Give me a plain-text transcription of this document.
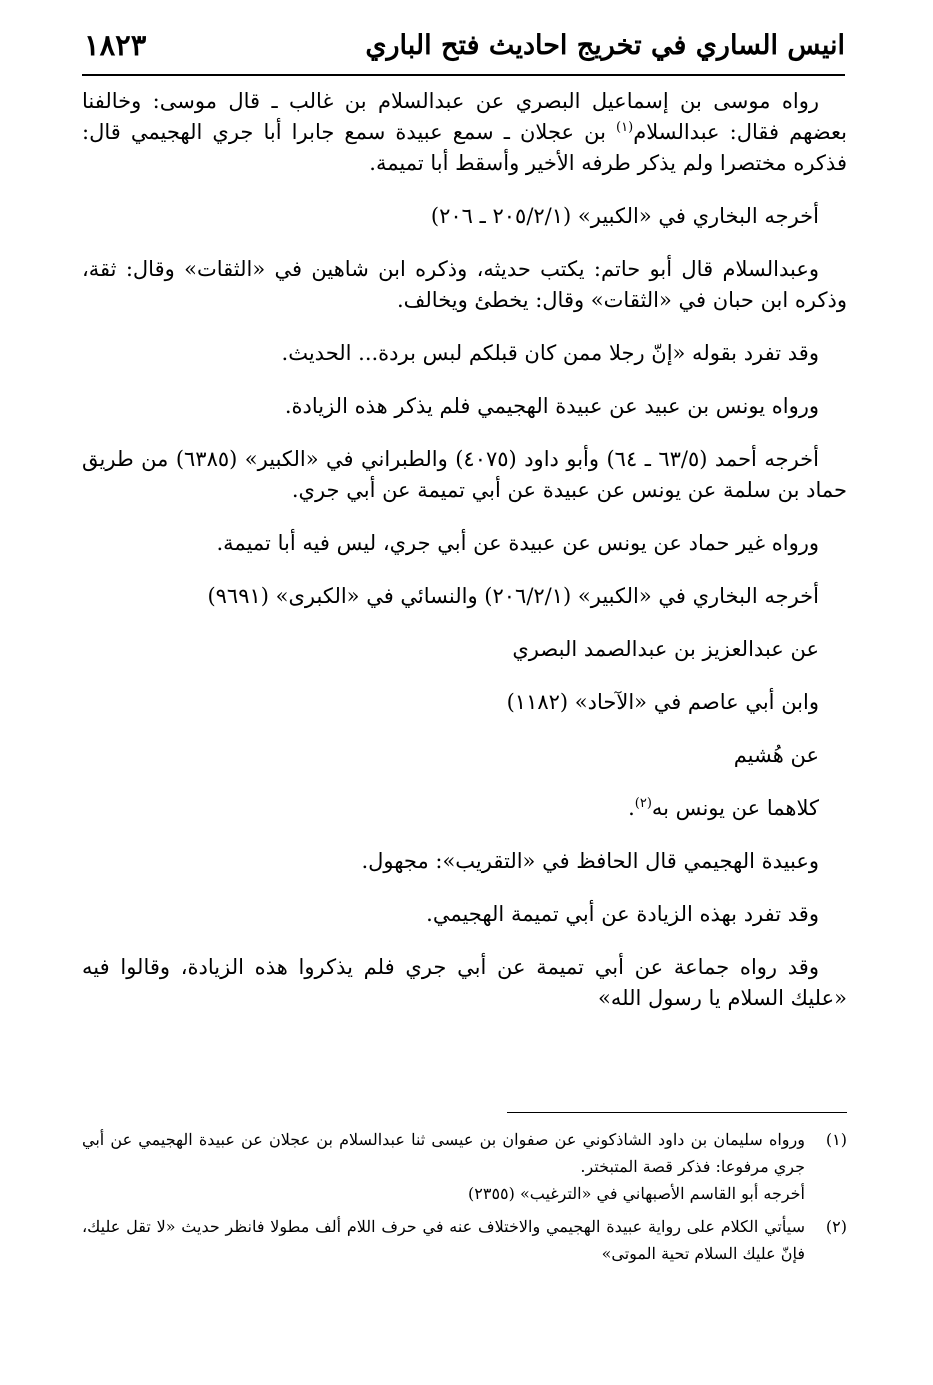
انيس الساري في تخريج احاديث فتح الباري
١٨٢٣

رواه موسى بن إسماعيل البصري عن عبدالسلام بن غالب ـ قال موسى: وخالفنا بعضهم فقال: عبدالسلام$^{(١)}$ بن عجلان ـ سمع عبيدة سمع جابرا أبا جري الهجيمي قال: فذكره مختصرا ولم يذكر طرفه الأخير وأسقط أبا تميمة.

أخرجه البخاري في «الكبير» (٢٠٥/٢/١ ـ ٢٠٦)

وعبدالسلام قال أبو حاتم: يكتب حديثه، وذكره ابن شاهين في «الثقات» وقال: ثقة، وذكره ابن حبان في «الثقات» وقال: يخطئ ويخالف.

وقد تفرد بقوله «إنّ رجلا ممن كان قبلكم لبس بردة... الحديث.

ورواه يونس بن عبيد عن عبيدة الهجيمي فلم يذكر هذه الزيادة.

أخرجه أحمد (٦٣/٥ ـ ٦٤) وأبو داود (٤٠٧٥) والطبراني في «الكبير» (٦٣٨٥) من طريق حماد بن سلمة عن يونس عن عبيدة عن أبي تميمة عن أبي جري.

ورواه غير حماد عن يونس عن عبيدة عن أبي جري، ليس فيه أبا تميمة.

أخرجه البخاري في «الكبير» (٢٠٦/٢/١) والنسائي في «الكبرى» (٩٦٩١)

عن عبدالعزيز بن عبدالصمد البصري

وابن أبي عاصم في «الآحاد» (١١٨٢)

عن هُشيم

كلاهما عن يونس به$^{(٢)}$.

وعبيدة الهجيمي قال الحافظ في «التقريب»: مجهول.

وقد تفرد بهذه الزيادة عن أبي تميمة الهجيمي.

وقد رواه جماعة عن أبي تميمة عن أبي جري فلم يذكروا هذه الزيادة، وقالوا فيه «عليك السلام يا رسول الله»

(١)
ورواه سليمان بن داود الشاذكوني عن صفوان بن عيسى ثنا عبدالسلام بن عجلان عن عبيدة الهجيمي عن أبي جري مرفوعا: فذكر قصة المتبختر.
أخرجه أبو القاسم الأصبهاني في «الترغيب» (٢٣٥٥)
(٢)
سيأتي الكلام على رواية عبيدة الهجيمي والاختلاف عنه في حرف اللام ألف مطولا فانظر حديث «لا تقل عليك، فإنّ عليك السلام تحية الموتى»
